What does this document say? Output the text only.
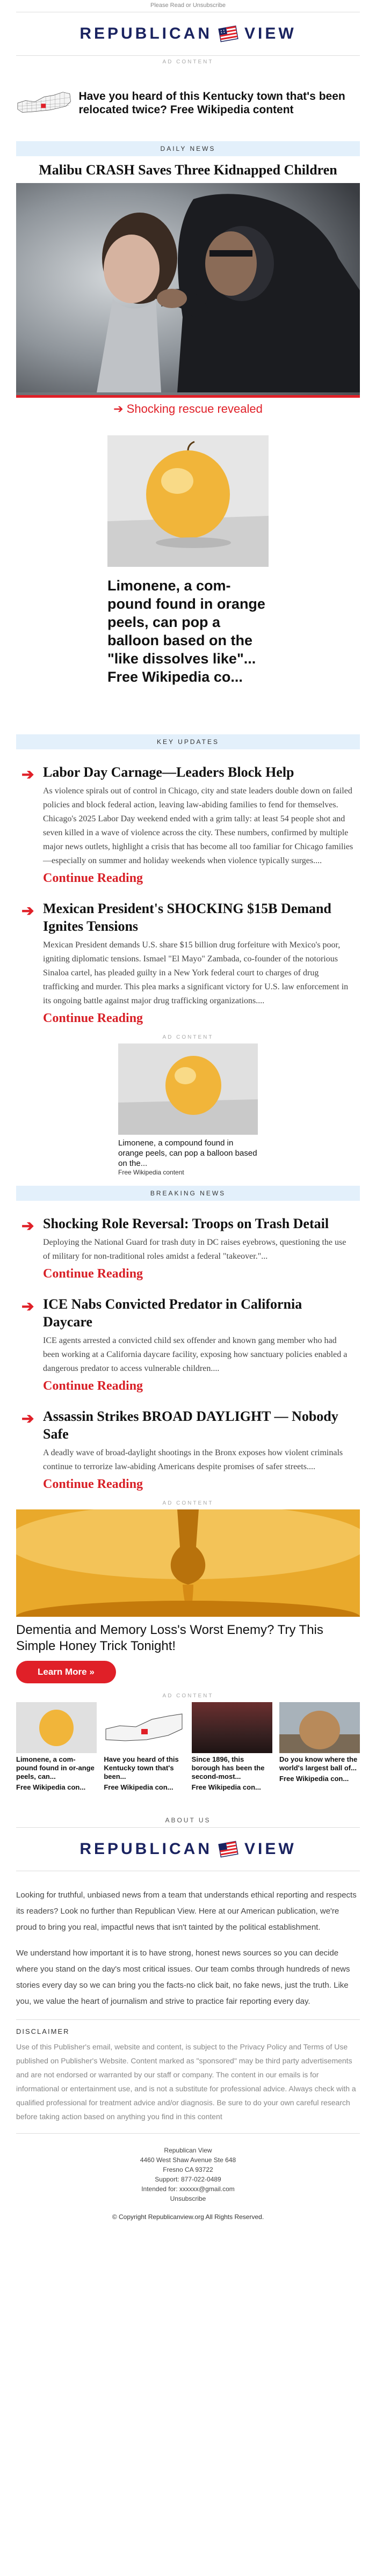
Please Read or Unsubscribe
REPUBLICAN VIEW
AD CONTENT
Have you heard of this Kentucky town that's been relocated twice? Free Wikipedia content
DAILY NEWS
Malibu CRASH Saves Three Kidnapped Children
➔ Shocking rescue revealed
Limonene, a com-pound found in orange peels, can pop a balloon based on the "like dissolves like"... Free Wikipedia co...
KEY UPDATES
➔ Labor Day Carnage—Leaders Block Help

As violence spirals out of control in Chicago, city and state leaders double down on failed policies and block federal action, leaving law-abiding families to fend for themselves. Chicago's 2025 Labor Day weekend ended with a grim tally: at least 54 people shot and seven killed in a wave of violence across the city. These numbers, confirmed by multiple major news outlets, highlight a crisis that has become all too familiar for Chicago families—especially on summer and holiday weekends when violence typically surges....

Continue Reading
➔ Mexican President's SHOCKING $15B Demand Ignites Tensions

Mexican President demands U.S. share $15 billion drug forfeiture with Mexico's poor, igniting diplomatic tensions. Ismael "El Mayo" Zambada, co-founder of the notorious Sinaloa cartel, has pleaded guilty in a New York federal court to charges of drug trafficking and murder. This plea marks a significant victory for U.S. law enforcement in its ongoing battle against major drug trafficking organizations....

Continue Reading
AD CONTENT
Limonene, a compound found in orange peels, can pop a balloon based on the...
Free Wikipedia content
BREAKING NEWS
➔ Shocking Role Reversal: Troops on Trash Detail

Deploying the National Guard for trash duty in DC raises eyebrows, questioning the use of military for non-traditional roles amidst a federal "takeover."...

Continue Reading
➔ ICE Nabs Convicted Predator in California Daycare

ICE agents arrested a convicted child sex offender and known gang member who had been working at a California daycare facility, exposing how sanctuary policies enabled a dangerous predator to access vulnerable children....

Continue Reading
➔ Assassin Strikes BROAD DAYLIGHT — Nobody Safe

A deadly wave of broad-daylight shootings in the Bronx exposes how violent criminals continue to terrorize law-abiding Americans despite promises of safer streets....

Continue Reading
AD CONTENT
Dementia and Memory Loss's Worst Enemy? Try This Simple Honey Trick Tonight!
Learn More »
AD CONTENT
Limonene, a com-pound found in or-ange peels, can...
Free Wikipedia con...
Have you heard of this Kentucky town that's been...
Free Wikipedia con...
Since 1896, this borough has been the second-most...
Free Wikipedia con...
Do you know where the world's largest ball of...
Free Wikipedia con...
ABOUT US
REPUBLICAN VIEW

Looking for truthful, unbiased news from a team that understands ethical reporting and respects its readers? Look no further than Republican View. Here at our American publication, we're proud to bring you real, impactful news that isn't tainted by the political establishment.

We understand how important it is to have strong, honest news sources so you can decide where you stand on the day's most critical issues. Our team combs through hundreds of news stories every day so we can bring you the facts-no click bait, no fake news, just the truth. Like you, we value the heart of journalism and strive to practice fair reporting every day.

DISCLAIMER

Use of this Publisher's email, website and content, is subject to the Privacy Policy and Terms of Use published on Publisher's Website. Content marked as "sponsored" may be third party advertisements and are not endorsed or warranted by our staff or company. The content in our emails is for informational or entertainment use, and is not a substitute for professional advice. Always check with a qualified professional for treatment advice and/or diagnosis. Be sure to do your own careful research before taking action based on anything you find in this content

Republican View
4460 West Shaw Avenue Ste 648
Fresno CA 93722
Support: 877-022-0489
Intended for: xxxxxx@gmail.com
Unsubscribe
© Copyright Republicanview.org All Rights Reserved.
